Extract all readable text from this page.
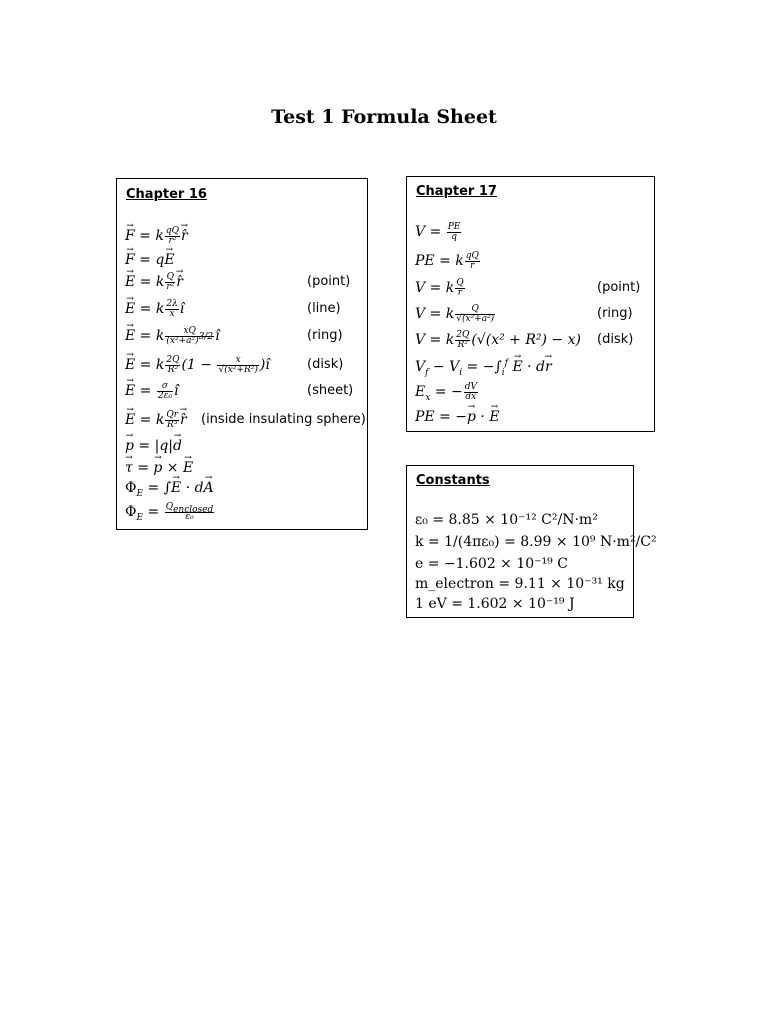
Test 1 Formula Sheet
Chapter 16
→ F = k $\frac{qQ}{\text{r²}}$
→ r
→ F = q→ E
→ E = k $\frac{Q}{\text{r²}}$
→ r	(point)
→ E = k $\frac{2\lambda}{x}$ ı̂	(line)
→ E = k $\frac{xQ}{(x^2+a^2)^{3/2}}$ ı̂	(ring)
→ E = k $\frac{2Q}{\text{R²}} (1 - \frac{x}{\text{√(x²+R²)}}$ )ı̂	(disk)
→ $E = \frac{\sigma}{\text{2ε₀}}$ ı̂	(sheet)
→ E = k $\frac{Qr}{\text{R³}}$
→ r (inside insulating sphere)
→ p = |q|→ d
→ τ = → p × → E
$\Phi_E$ = ∫→ E · d→ A
$\Phi_E = \frac{Q_{enclosed}}{\text{ε₀}}$
Chapter 17
$V = \frac{PE}{q}$
PE = k $\frac{qQ}{r}$
V = k $\frac{Q}{r}$	(point)
V = k $\frac{Q}{\text{√(x²+a²)}}$	(ring)
V = k $\frac{2Q}{\text{R²}} (√(x^2 + R^2) - x)$ (disk)
$V_f - V_i = -\int_i^f \to E \cdot d\to r$
$E_x$ = − $\frac{dV}{dx}$
PE = −→ p · → E
Constants
ε₀ = 8.85 × 10⁻¹² C²/N·m²
k = 1/(4πε₀) = 8.99 × 10⁹ N·m²/C²
e = −1.602 × 10⁻¹⁹ C
m_electron = 9.11 × 10⁻³¹ kg
1 eV = 1.602 × 10⁻¹⁹ J
